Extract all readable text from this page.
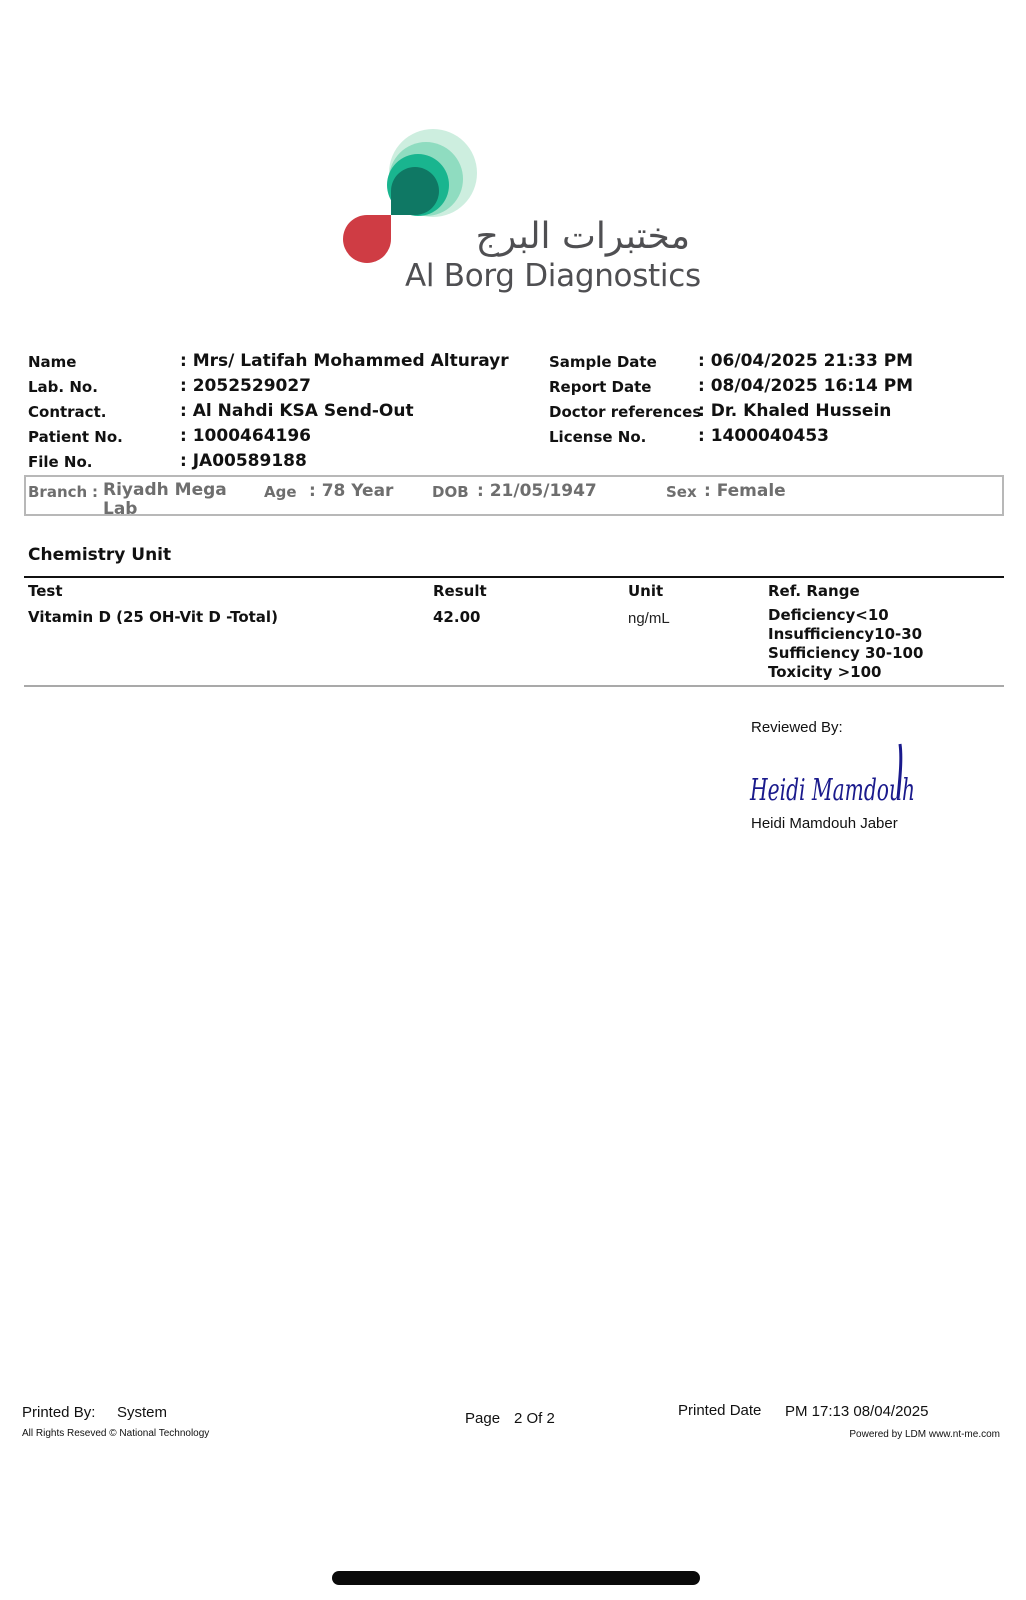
مختبرات البرج
Al Borg Diagnostics
Name	: Mrs/ Latifah Mohammed Alturayr
Lab. No.	: 2052529027
Contract.	: Al Nahdi KSA Send-Out
Patient No.	: 1000464196
File No.	: JA00589188
Sample Date : 06/04/2025 21:33 PM
Report Date	: 08/04/2025 16:14 PM
Doctor references
: Dr. Khaled Hussein
License No.	: 1400040453
Branch : Riyadh Mega
Lab
Age : 78 Year	DOB : 21/05/1947	Sex : Female
Chemistry Unit
Test	Result	Unit	Ref. Range
Vitamin D (25 OH-Vit D -Total)	42.00	ng/mL	Deficiency<10
Insufficiency10-30
Sufficiency 30-100
Toxicity >100
Reviewed By:
Heidi Mamdouh
Heidi Mamdouh Jaber
Printed By: System	Page 2 Of 2	Printed Date PM 17:13 08/04/2025
All Rights Reseved © National Technology	Powered by LDM www.nt-me.com
